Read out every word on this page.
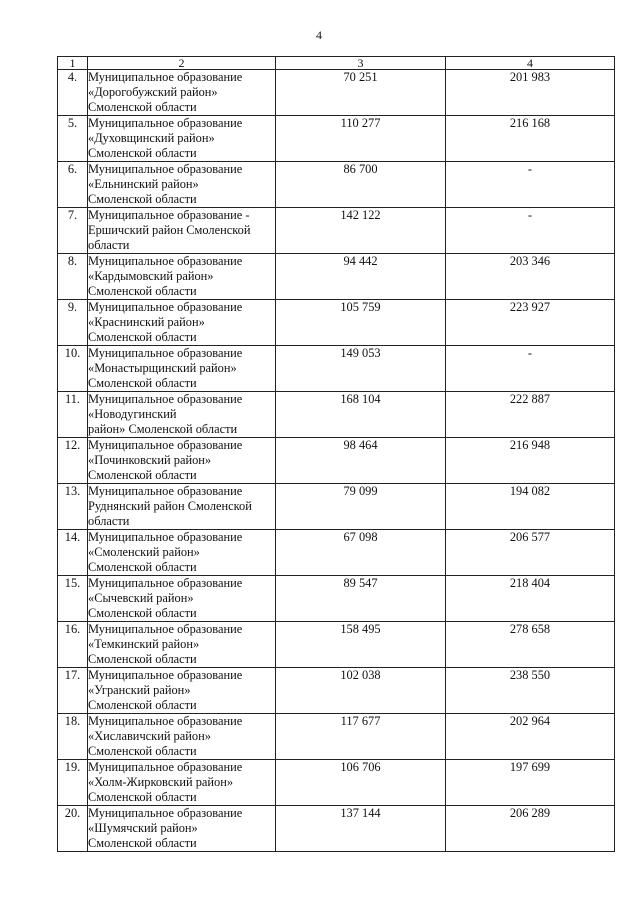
4
1	2	3	4
4.	Муниципальное образование
«Дорогобужский район»
Смоленской области	70 251	201 983
5.	Муниципальное образование
«Духовщинский район»
Смоленской области	110 277	216 168
6.	Муниципальное образование
«Ельнинский район»
Смоленской области	86 700	-
7.	Муниципальное образование -
Ершичский район Смоленской
области	142 122	-
8.	Муниципальное образование
«Кардымовский район»
Смоленской области	94 442	203 346
9.	Муниципальное образование
«Краснинский район»
Смоленской области	105 759	223 927
10.	Муниципальное образование
«Монастырщинский район»
Смоленской области	149 053	-
11.	Муниципальное образование
«Новодугинский
район» Смоленской области	168 104	222 887
12.	Муниципальное образование
«Починковский район»
Смоленской области	98 464	216 948
13.	Муниципальное образование
Руднянский район Смоленской
области	79 099	194 082
14.	Муниципальное образование
«Смоленский район»
Смоленской области	67 098	206 577
15.	Муниципальное образование
«Сычевский район»
Смоленской области	89 547	218 404
16.	Муниципальное образование
«Темкинский район»
Смоленской области	158 495	278 658
17.	Муниципальное образование
«Угранский район»
Смоленской области	102 038	238 550
18.	Муниципальное образование
«Хиславичский район»
Смоленской области	117 677	202 964
19.	Муниципальное образование
«Холм-Жирковский район»
Смоленской области	106 706	197 699
20.	Муниципальное образование
«Шумячский район»
Смоленской области	137 144	206 289
